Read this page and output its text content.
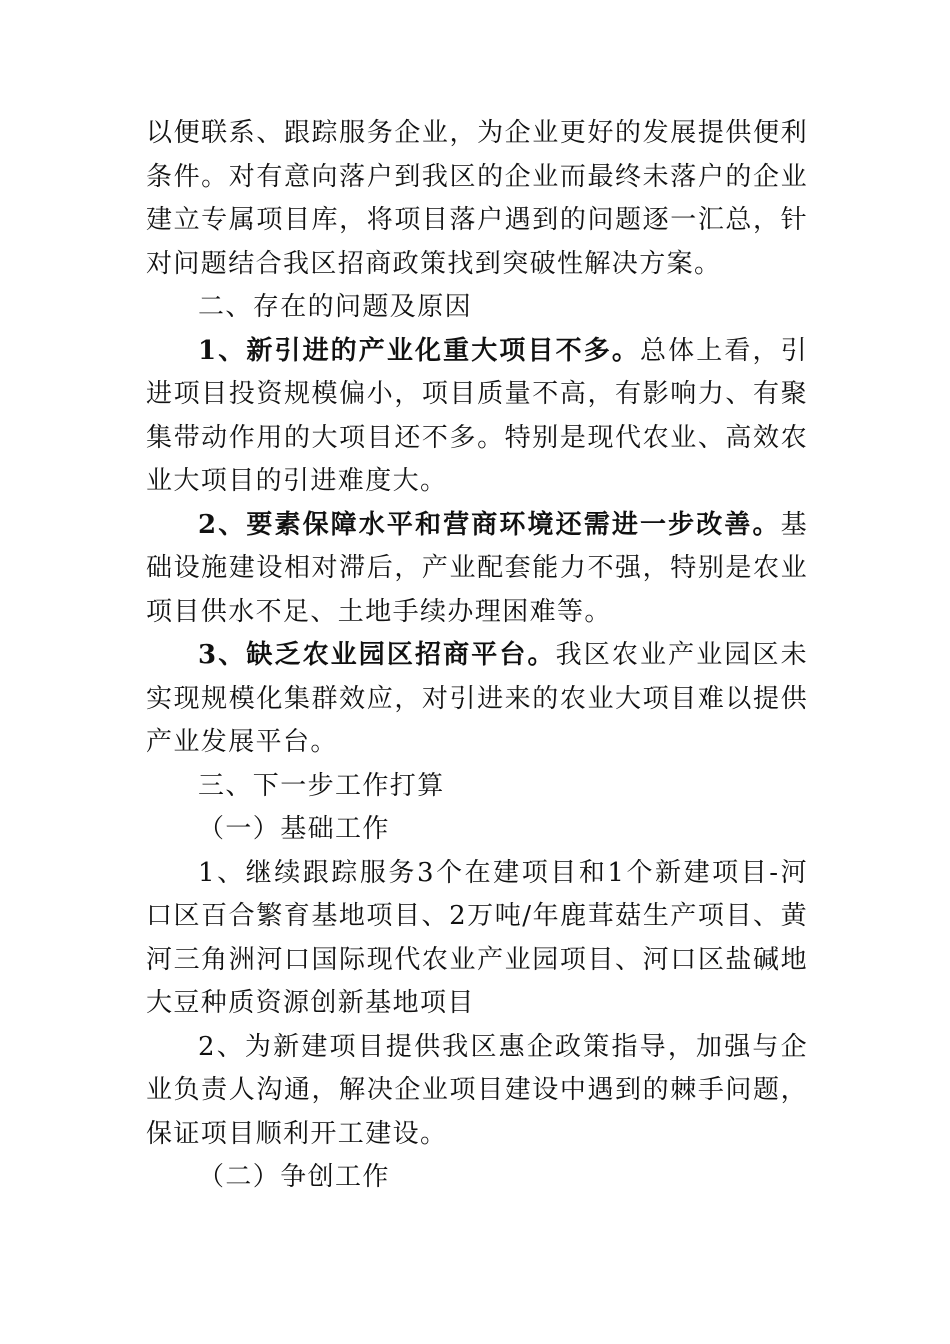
以便联系、跟踪服务企业，为企业更好的发展提供便利条件。对有意向落户到我区的企业而最终未落户的企业建立专属项目库，将项目落户遇到的问题逐一汇总，针对问题结合我区招商政策找到突破性解决方案。

二、存在的问题及原因

1、新引进的产业化重大项目不多。总体上看，引进项目投资规模偏小，项目质量不高，有影响力、有聚集带动作用的大项目还不多。特别是现代农业、高效农业大项目的引进难度大。

2、要素保障水平和营商环境还需进一步改善。基础设施建设相对滞后，产业配套能力不强，特别是农业项目供水不足、土地手续办理困难等。

3、缺乏农业园区招商平台。我区农业产业园区未实现规模化集群效应，对引进来的农业大项目难以提供产业发展平台。

三、下一步工作打算

（一）基础工作

1、继续跟踪服务3个在建项目和1个新建项目-河口区百合繁育基地项目、2万吨/年鹿茸菇生产项目、黄河三角洲河口国际现代农业产业园项目、河口区盐碱地大豆种质资源创新基地项目

2、为新建项目提供我区惠企政策指导，加强与企业负责人沟通，解决企业项目建设中遇到的棘手问题，保证项目顺利开工建设。

（二）争创工作
